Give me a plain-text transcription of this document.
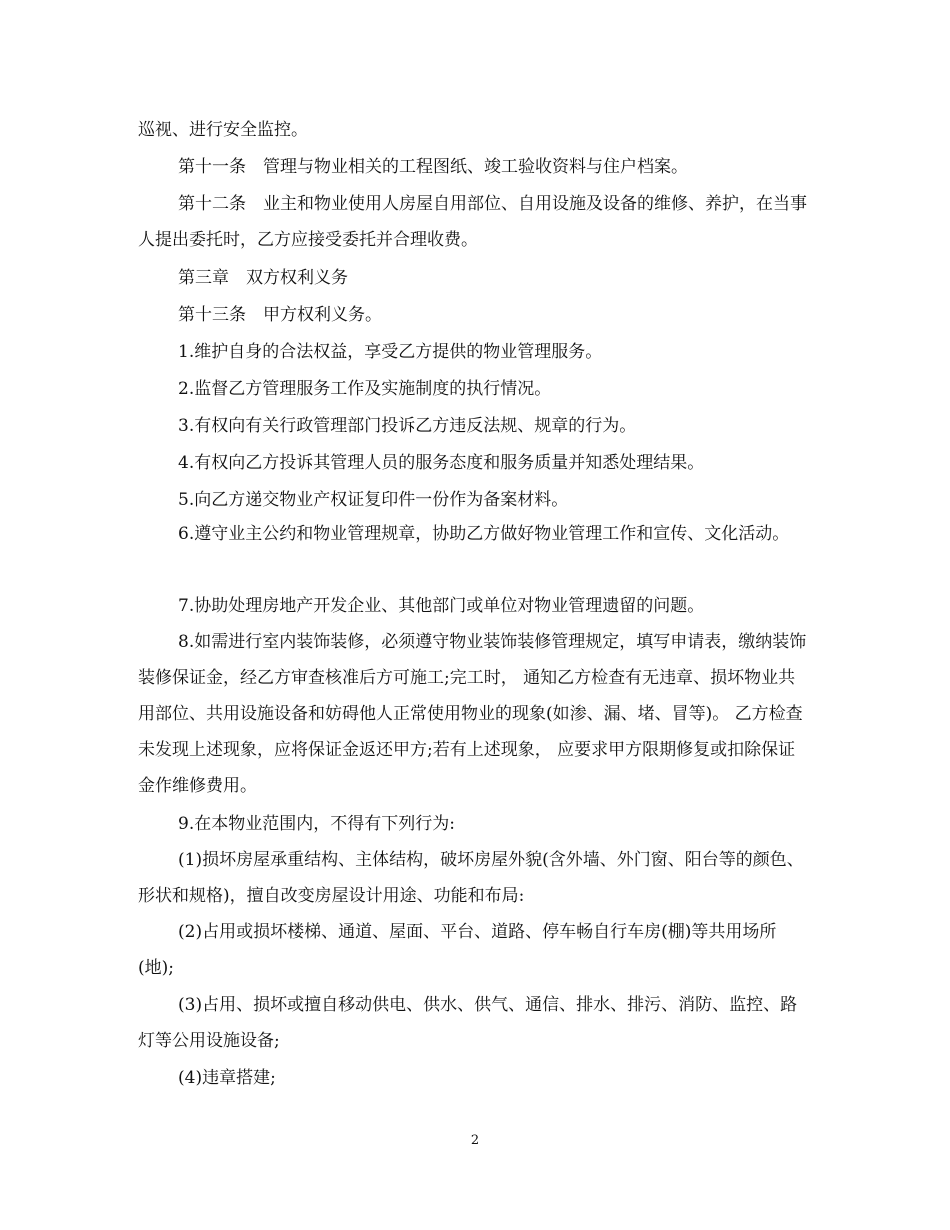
巡视、进行安全监控。

第十一条　管理与物业相关的工程图纸、竣工验收资料与住户档案。

第十二条　业主和物业使用人房屋自用部位、自用设施及设备的维修、养护，在当事人提出委托时，乙方应接受委托并合理收费。

第三章　双方权利义务

第十三条　甲方权利义务。

1.维护自身的合法权益，享受乙方提供的物业管理服务。

2.监督乙方管理服务工作及实施制度的执行情况。

3.有权向有关行政管理部门投诉乙方违反法规、规章的行为。

4.有权向乙方投诉其管理人员的服务态度和服务质量并知悉处理结果。

5.向乙方递交物业产权证复印件一份作为备案材料。

6.遵守业主公约和物业管理规章，协助乙方做好物业管理工作和宣传、文化活动。

7.协助处理房地产开发企业、其他部门或单位对物业管理遗留的问题。

8.如需进行室内装饰装修，必须遵守物业装饰装修管理规定，填写申请表，缴纳装饰装修保证金，经乙方审查核准后方可施工;完工时， 通知乙方检查有无违章、损坏物业共用部位、共用设施设备和妨碍他人正常使用物业的现象(如渗、漏、堵、冒等)。 乙方检查未发现上述现象，应将保证金返还甲方;若有上述现象， 应要求甲方限期修复或扣除保证金作维修费用。

9.在本物业范围内，不得有下列行为:

(1)损坏房屋承重结构、主体结构，破坏房屋外貌(含外墙、外门窗、阳台等的颜色、形状和规格)，擅自改变房屋设计用途、功能和布局:

(2)占用或损坏楼梯、通道、屋面、平台、道路、停车畅自行车房(棚)等共用场所(地);

(3)占用、损坏或擅自移动供电、供水、供气、通信、排水、排污、消防、监控、路灯等公用设施设备;

(4)违章搭建;

2
